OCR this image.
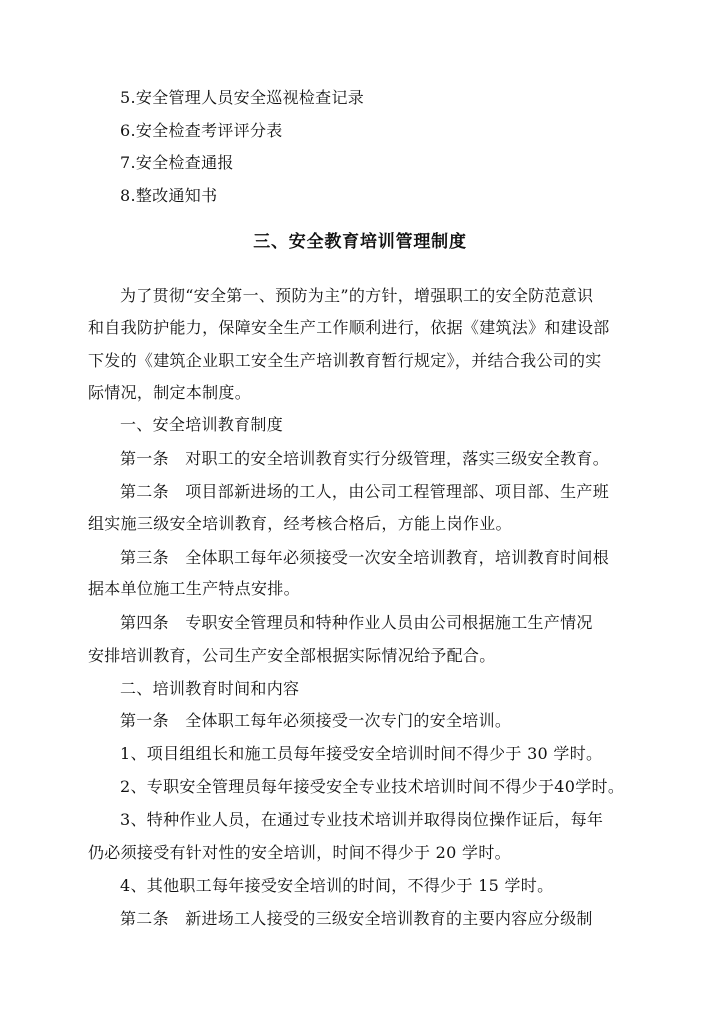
5.安全管理人员安全巡视检查记录
6.安全检查考评评分表
7.安全检查通报
8.整改通知书
三、安全教育培训管理制度
为了贯彻“安全第一、预防为主”的方针，增强职工的安全防范意识
和自我防护能力，保障安全生产工作顺利进行，依据《建筑法》和建设部
下发的《建筑企业职工安全生产培训教育暂行规定》，并结合我公司的实
际情况，制定本制度。
一、安全培训教育制度
第一条　对职工的安全培训教育实行分级管理，落实三级安全教育。
第二条　项目部新进场的工人，由公司工程管理部、项目部、生产班
组实施三级安全培训教育，经考核合格后，方能上岗作业。
第三条　全体职工每年必须接受一次安全培训教育，培训教育时间根
据本单位施工生产特点安排。
第四条　专职安全管理员和特种作业人员由公司根据施工生产情况
安排培训教育，公司生产安全部根据实际情况给予配合。
二、培训教育时间和内容
第一条　全体职工每年必须接受一次专门的安全培训。
1、项目组组长和施工员每年接受安全培训时间不得少于 30 学时。
2、专职安全管理员每年接受安全专业技术培训时间不得少于40学时。
3、特种作业人员，在通过专业技术培训并取得岗位操作证后，每年
仍必须接受有针对性的安全培训，时间不得少于 20 学时。
4、其他职工每年接受安全培训的时间，不得少于 15 学时。
第二条　新进场工人接受的三级安全培训教育的主要内容应分级制
